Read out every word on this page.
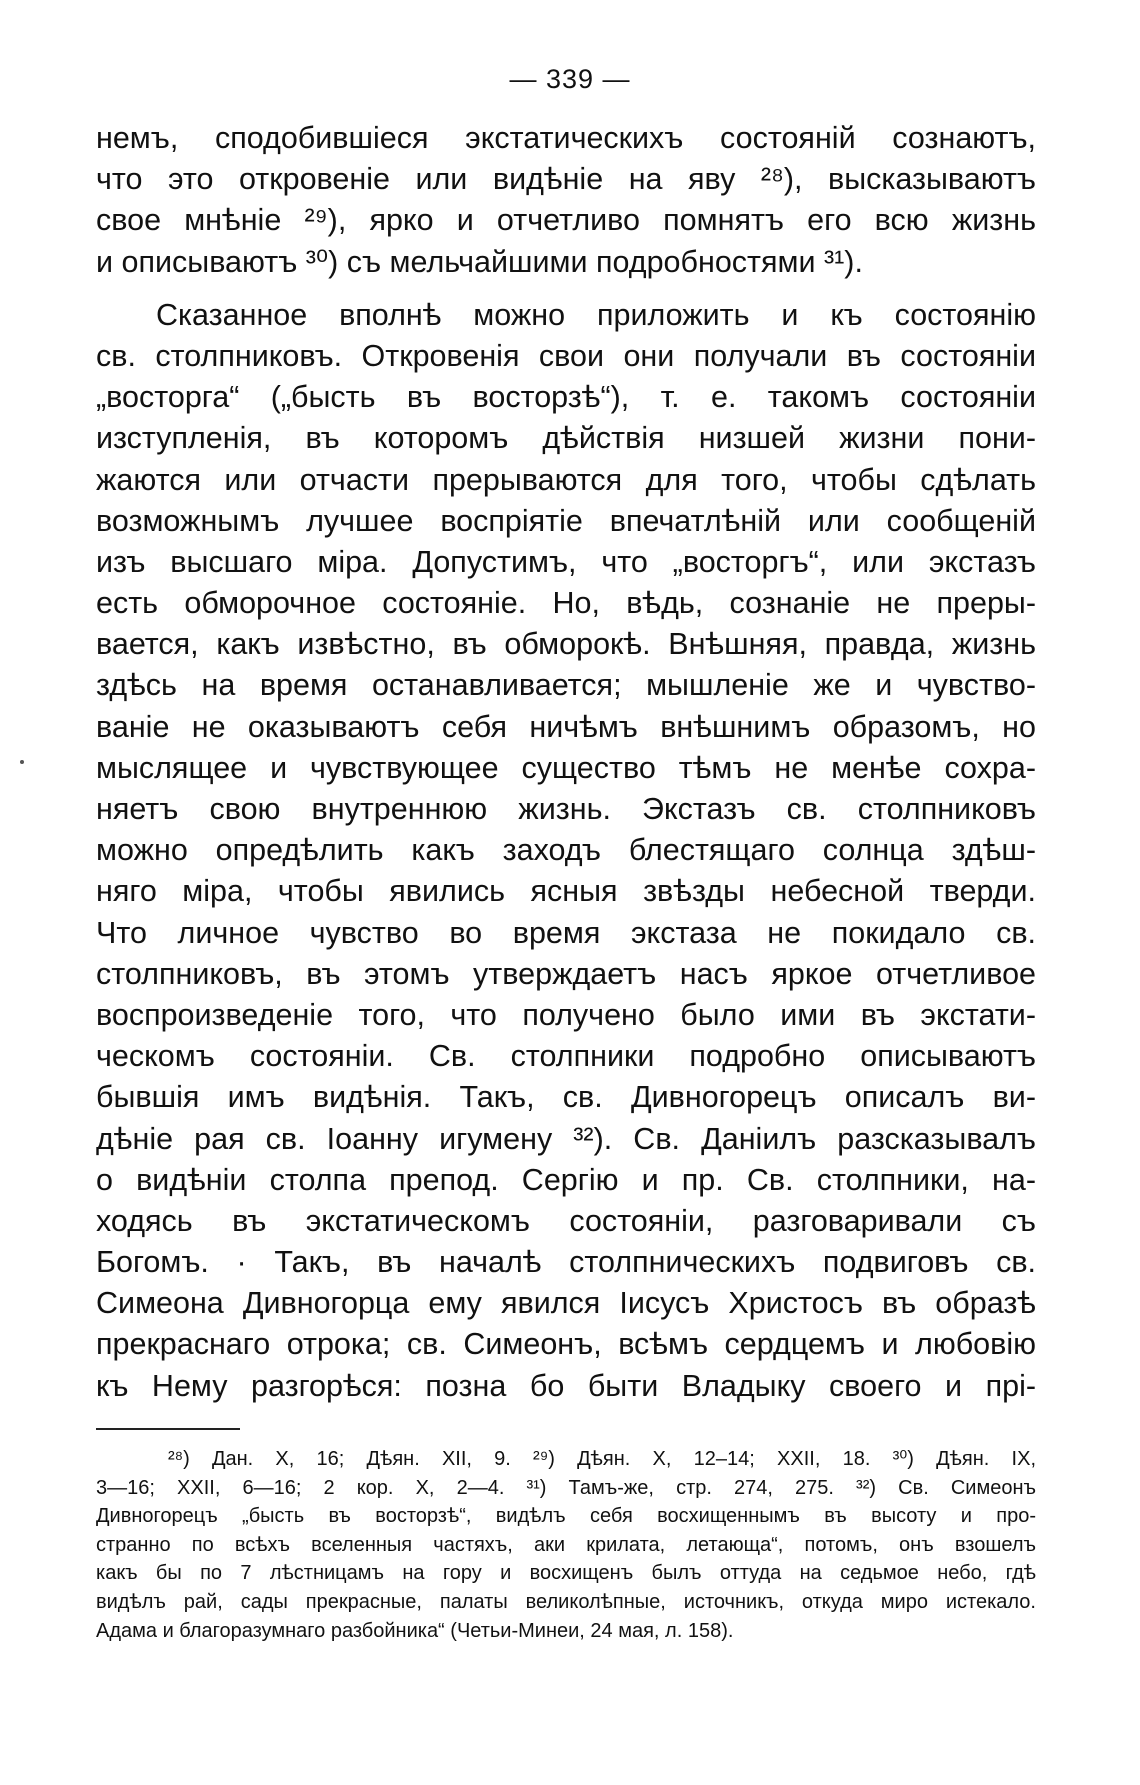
— 339 —
немъ, сподобившіеся экстатическихъ состояній сознаютъ,
что это откровеніе или видѣніе на яву ²⁸), высказываютъ
свое мнѣніе ²⁹), ярко и отчетливо помнятъ его всю жизнь
и описываютъ ³⁰) съ мельчайшими подробностями ³¹).
Сказанное вполнѣ можно приложить и къ состоянію
св. столпниковъ. Откровенія свои они получали въ состояніи
„восторга“ („бысть въ восторзѣ“), т. е. такомъ состояніи
изступленія, въ которомъ дѣйствія низшей жизни пони-
жаются или отчасти прерываются для того, чтобы сдѣлать
возможнымъ лучшее воспріятіе впечатлѣній или сообщеній
изъ высшаго міра. Допустимъ, что „восторгъ“, или экстазъ
есть обморочное состояніе. Но, вѣдь, сознаніе не преры-
вается, какъ извѣстно, въ обморокѣ. Внѣшняя, правда, жизнь
здѣсь на время останавливается; мышленіе же и чувство-
ваніе не оказываютъ себя ничѣмъ внѣшнимъ образомъ, но
мыслящее и чувствующее существо тѣмъ не менѣе сохра-
няетъ свою внутреннюю жизнь. Экстазъ св. столпниковъ
можно опредѣлить какъ заходъ блестящаго солнца здѣш-
няго міра, чтобы явились ясныя звѣзды небесной тверди.
Что личное чувство во время экстаза не покидало св.
столпниковъ, въ этомъ утверждаетъ насъ яркое отчетливое
воспроизведеніе того, что получено было ими въ экстати-
ческомъ состояніи. Св. столпники подробно описываютъ
бывшія имъ видѣнія. Такъ, св. Дивногорецъ описалъ ви-
дѣніе рая св. Іоанну игумену ³²). Св. Даніилъ разсказывалъ
о видѣніи столпа препод. Сергію и пр. Св. столпники, на-
ходясь въ экстатическомъ состояніи, разговаривали съ
Богомъ. · Такъ, въ началѣ столпническихъ подвиговъ св.
Симеона Дивногорца ему явился Іисусъ Христосъ въ образѣ
прекраснаго отрока; св. Симеонъ, всѣмъ сердцемъ и любовію
къ Нему разгорѣся: позна бо быти Владыку своего и прі-
²⁸) Дан. X, 16; Дѣян. XII, 9. ²⁹) Дѣян. X, 12–14; XXII, 18. ³⁰) Дѣян. IX,
3—16; XXII, 6—16; 2 кор. X, 2—4. ³¹) Тамъ-же, стр. 274, 275. ³²) Св. Симеонъ
Дивногорецъ „бысть въ восторзѣ“, видѣлъ себя восхищеннымъ въ высоту и про-
странно по всѣхъ вселенныя частяхъ, аки крилата, летающа“, потомъ, онъ взошелъ
какъ бы по 7 лѣстницамъ на гору и восхищенъ былъ оттуда на седьмое небо, гдѣ
видѣлъ рай, сады прекрасные, палаты великолѣпные, источникъ, откуда миро истекало.
Адама и благоразумнаго разбойника“ (Четьи-Минеи, 24 мая, л. 158).
